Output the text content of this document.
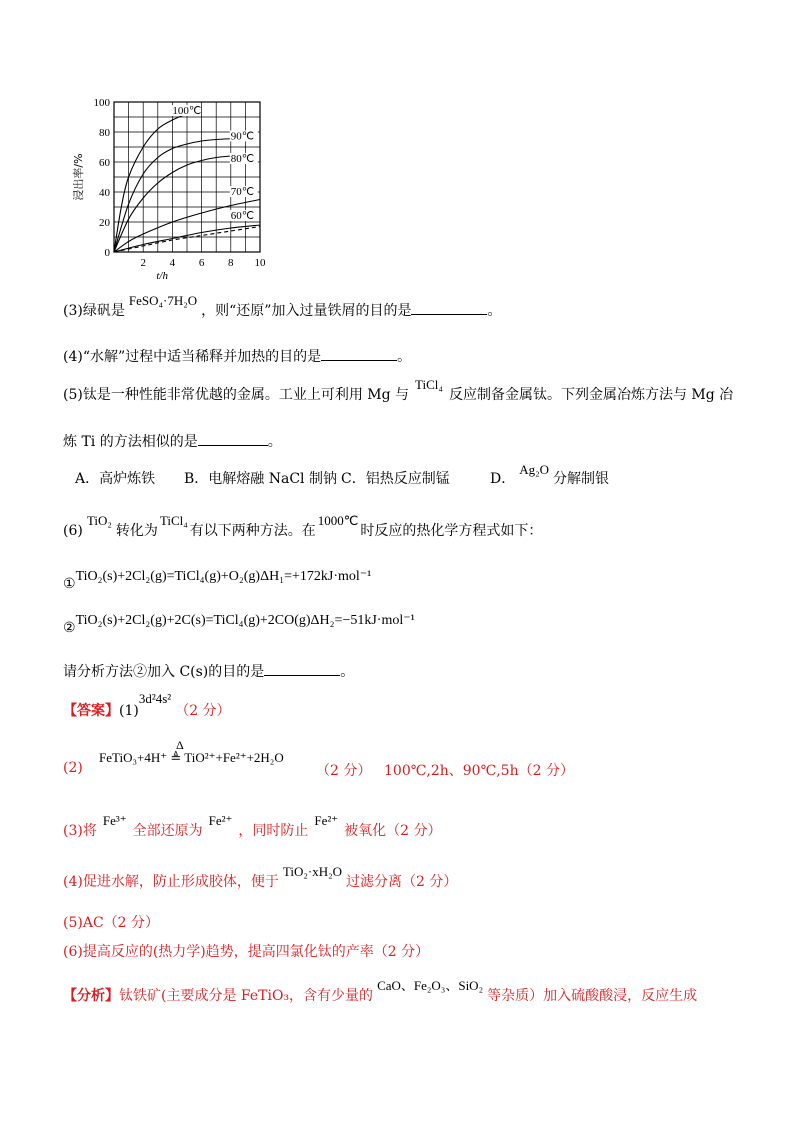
100℃
90℃
80℃
70℃
60℃
20
40
60
80
100
2 4 6 8 10
0
t/h
浸出率/%
(3)绿矾是FeSO₄·7H₂O，则“还原”加入过量铁屑的目的是	。
(4)“水解”过程中适当稀释并加热的目的是	。
(5)钛是一种性能非常优越的金属。工业上可利用 Mg 与TiCl₄反应制备金属钛。下列金属冶炼方法与 Mg 冶
炼 Ti 的方法相似的是	。
A．高炉炼铁 B．电解熔融 NaCl 制钠 C．铝热反应制锰	D．Ag₂O分解制银
(6)TiO₂转化为TiCl₄有以下两种方法。在1000℃时反应的热化学方程式如下：
①TiO₂(s)+2Cl₂(g)=TiCl₄(g)+O₂(g)ΔH₁=+172kJ·mol⁻¹
②TiO₂(s)+2Cl₂(g)+2C(s)=TiCl₄(g)+2CO(g)ΔH₂=−51kJ·mol⁻¹
请分析方法②加入 C(s)的目的是	。
【答案】(1)3d²4s²（2 分）
(2)
Δ
FeTiO₃+4H⁺ ≜ TiO²⁺+Fe²⁺+2H₂O
（2 分） 100℃,2h、90℃,5h（2 分）
(3)将Fe³⁺全部还原为Fe²⁺，同时防止Fe²⁺被氧化（2 分）
(4)促进水解，防止形成胶体，便于TiO₂·xH₂O过滤分离（2 分）
(5)AC（2 分）
(6)提高反应的(热力学)趋势，提高四氯化钛的产率（2 分）
【分析】钛铁矿(主要成分是 FeTiO₃，含有少量的CaO、Fe₂O₃、SiO₂等杂质）加入硫酸酸浸，反应生成
